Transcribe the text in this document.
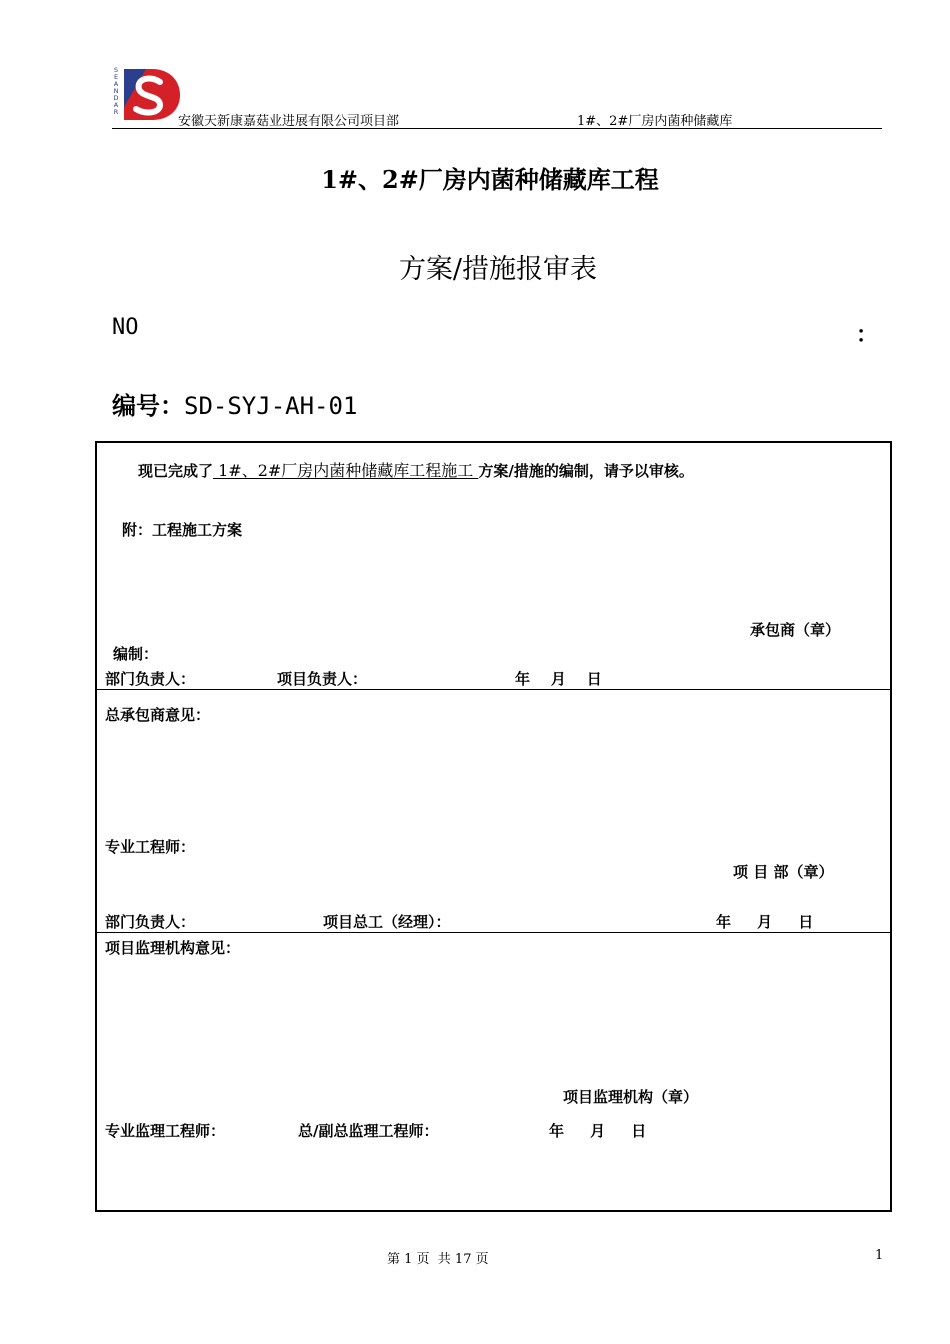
S
E
A
N
D
A
R
安徽天新康嘉菇业进展有限公司项目部	1#、2#厂房内菌种储藏库
1#、2#厂房内菌种储藏库工程
方案/措施报审表
NO	：
编号：SD-SYJ-AH-01
现已完成了 1#、2#厂房内菌种储藏库工程施工 方案/措施的编制，请予以审核。
附：工程施工方案
承包商（章）
编制：
部门负责人：	项目负责人：	年    月    日
总承包商意见：
专业工程师：
项 目 部（章）
部门负责人：	项目总工（经理）：	年     月     日
项目监理机构意见：
项目监理机构（章）
专业监理工程师：	总/副总监理工程师：	年     月     日
第 1 页  共 17 页	1
